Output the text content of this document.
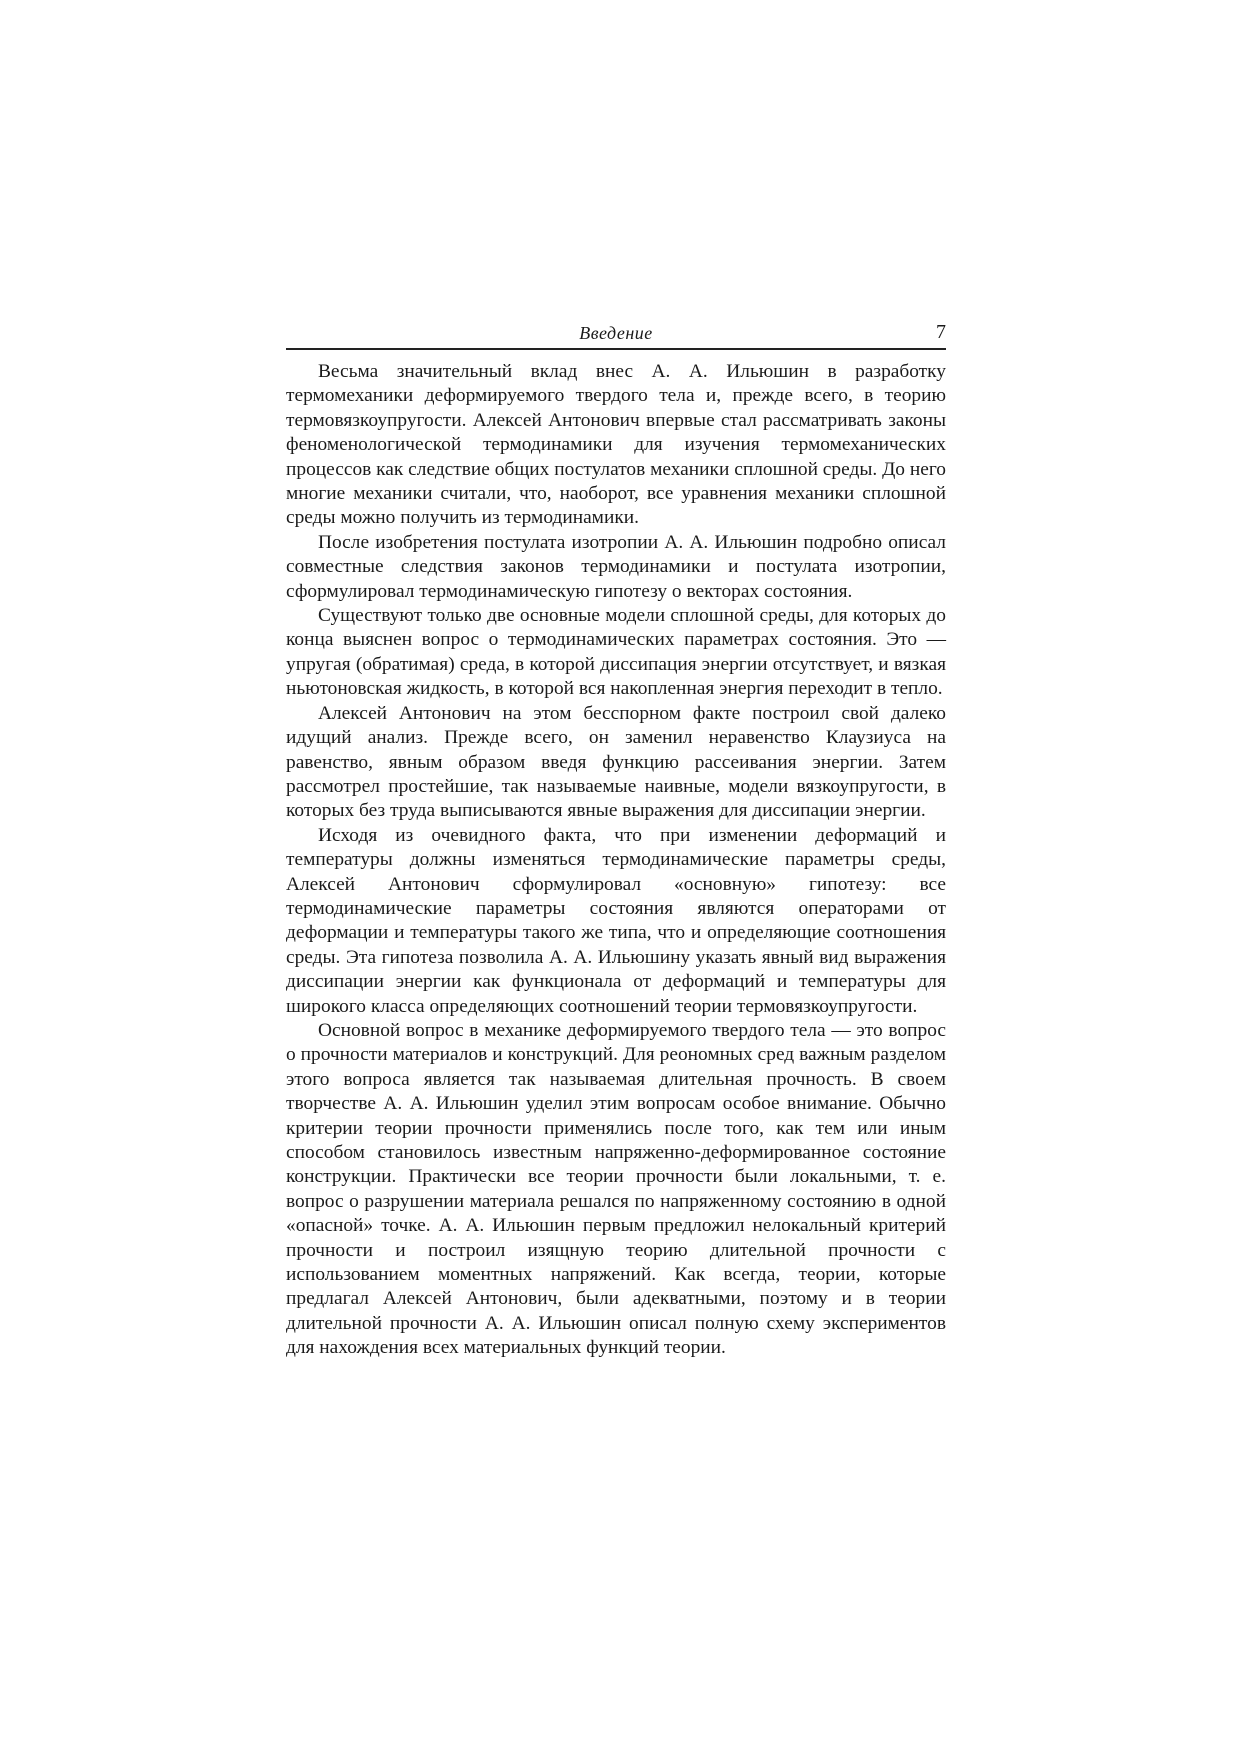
Введение	7

Весьма значительный вклад внес А. А. Ильюшин в разработку термомеханики деформируемого твердого тела и, прежде всего, в теорию термовязкоупругости. Алексей Антонович впервые стал рассматривать законы феноменологической термодинамики для изучения термомеханических процессов как следствие общих постулатов механики сплошной среды. До него многие механики считали, что, наоборот, все уравнения механики сплошной среды можно получить из термодинамики.

После изобретения постулата изотропии А. А. Ильюшин подробно описал совместные следствия законов термодинамики и постулата изотропии, сформулировал термодинамическую гипотезу о векторах состояния.

Существуют только две основные модели сплошной среды, для которых до конца выяснен вопрос о термодинамических параметрах состояния. Это — упругая (обратимая) среда, в которой диссипация энергии отсутствует, и вязкая ньютоновская жидкость, в которой вся накопленная энергия переходит в тепло.

Алексей Антонович на этом бесспорном факте построил свой далеко идущий анализ. Прежде всего, он заменил неравенство Клаузиуса на равенство, явным образом введя функцию рассеивания энергии. Затем рассмотрел простейшие, так называемые наивные, модели вязкоупругости, в которых без труда выписываются явные выражения для диссипации энергии.

Исходя из очевидного факта, что при изменении деформаций и температуры должны изменяться термодинамические параметры среды, Алексей Антонович сформулировал «основную» гипотезу: все термодинамические параметры состояния являются операторами от деформации и температуры такого же типа, что и определяющие соотношения среды. Эта гипотеза позволила А. А. Ильюшину указать явный вид выражения диссипации энергии как функционала от деформаций и температуры для широкого класса определяющих соотношений теории термовязкоупругости.

Основной вопрос в механике деформируемого твердого тела — это вопрос о прочности материалов и конструкций. Для реономных сред важным разделом этого вопроса является так называемая длительная прочность. В своем творчестве А. А. Ильюшин уделил этим вопросам особое внимание. Обычно критерии теории прочности применялись после того, как тем или иным способом становилось известным напряженно-деформированное состояние конструкции. Практически все теории прочности были локальными, т. е. вопрос о разрушении материала решался по напряженному состоянию в одной «опасной» точке. А. А. Ильюшин первым предложил нелокальный критерий прочности и построил изящную теорию длительной прочности с использованием моментных напряжений. Как всегда, теории, которые предлагал Алексей Антонович, были адекватными, поэтому и в теории длительной прочности А. А. Ильюшин описал полную схему экспериментов для нахождения всех материальных функций теории.
